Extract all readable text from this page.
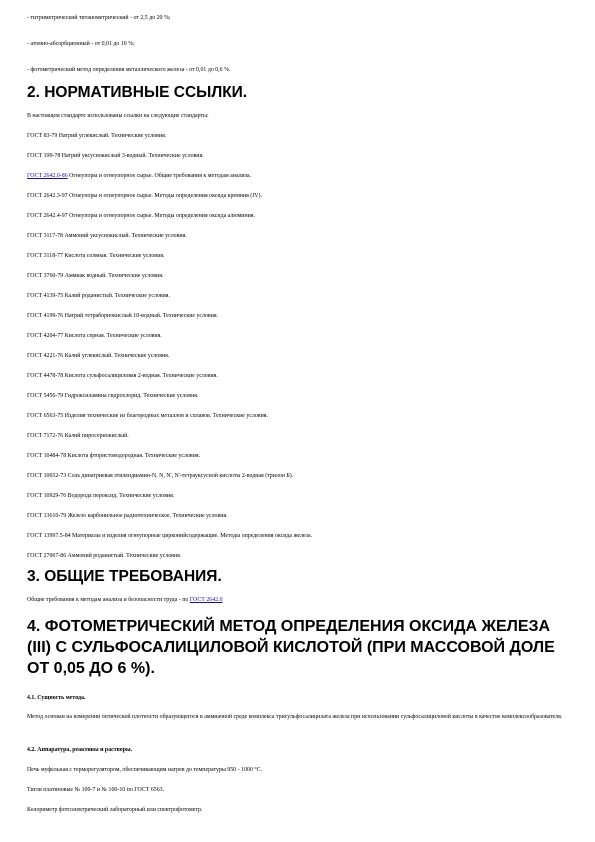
- титриметрический титанометрический - от 2,5 до 20 %;
- атомно-абсорбционный - от 0,01 до 10 %;
- фотометрический метод определения металлического железа - от 0,01 до 0,6 %.
2. НОРМАТИВНЫЕ ССЫЛКИ.
В настоящем стандарте использованы ссылки на следующие стандарты:
ГОСТ 83-79 Натрий углекислый. Технические условия.
ГОСТ 199-78 Натрий уксуснокислый 3-водный. Технические условия.
ГОСТ 2642.0-86 Огнеупоры и огнеупорное сырье. Общие требования к методам анализа.
ГОСТ 2642.3-97 Огнеупоры и огнеупорное сырье. Методы определения оксида кремния (IV).
ГОСТ 2642.4-97 Огнеупоры и огнеупорное сырье. Методы определения оксида алюминия.
ГОСТ 3117-78 Аммоний уксуснокислый. Технические условия.
ГОСТ 3118-77 Кислота соляная. Технические условия.
ГОСТ 3760-79 Аммиак водный. Технические условия.
ГОСТ 4139-75 Калий роданистый. Технические условия.
ГОСТ 4199-76 Натрий тетраборнокислый 10-водный. Технические условия.
ГОСТ 4204-77 Кислота серная. Технические условия.
ГОСТ 4221-76 Калий углекислый. Технические условия.
ГОСТ 4478-78 Кислота сульфосалициловая 2-водная. Технические условия.
ГОСТ 5456-79 Гидроксиламина гидрохлорид. Технические условия.
ГОСТ 6563-75 Изделия технические из благородных металлов и сплавов. Технические условия.
ГОСТ 7172-76 Калий пиросернокислый.
ГОСТ 10484-78 Кислота фтористоводородная. Технические условия.
ГОСТ 10652-73 Соль динатриевая этилендиамин-N, N, N', N'-тетрауксусной кислоты 2-водная (трилон Б).
ГОСТ 10929-76 Водорода пероксид. Технические условия.
ГОСТ 13610-79 Железо карбонильное радиотехническое. Технические условия.
ГОСТ 13997.5-84 Материалы и изделия огнеупорные цирконийсодержащие. Методы определения оксида железа.
ГОСТ 27067-86 Аммоний роданистый. Технические условия.
3. ОБЩИЕ ТРЕБОВАНИЯ.
Общие требования к методам анализа и безопасности труда - по ГОСТ 2642.0
4. ФОТОМЕТРИЧЕСКИЙ МЕТОД ОПРЕДЕЛЕНИЯ ОКСИДА ЖЕЛЕЗА (III) С СУЛЬФОСАЛИЦИЛОВОЙ КИСЛОТОЙ (ПРИ МАССОВОЙ ДОЛЕ ОТ 0,05 ДО 6 %).
4.1. Сущность метода.
Метод основан на измерении оптической плотности образующегося в аммиачной среде комплекса трисульфосалицилата железа при использовании сульфосалициловой кислоты в качестве комплексообразователя.
4.2. Аппаратура, реактивы и растворы.
Печь муфельная с терморегулятором, обеспечивающим нагрев до температуры 950 - 1000 °С.
Тигли платиновые № 100-7 и № 100-10 по ГОСТ 6563.
Колориметр фотоэлектрический лабораторный или спектрофотометр.
